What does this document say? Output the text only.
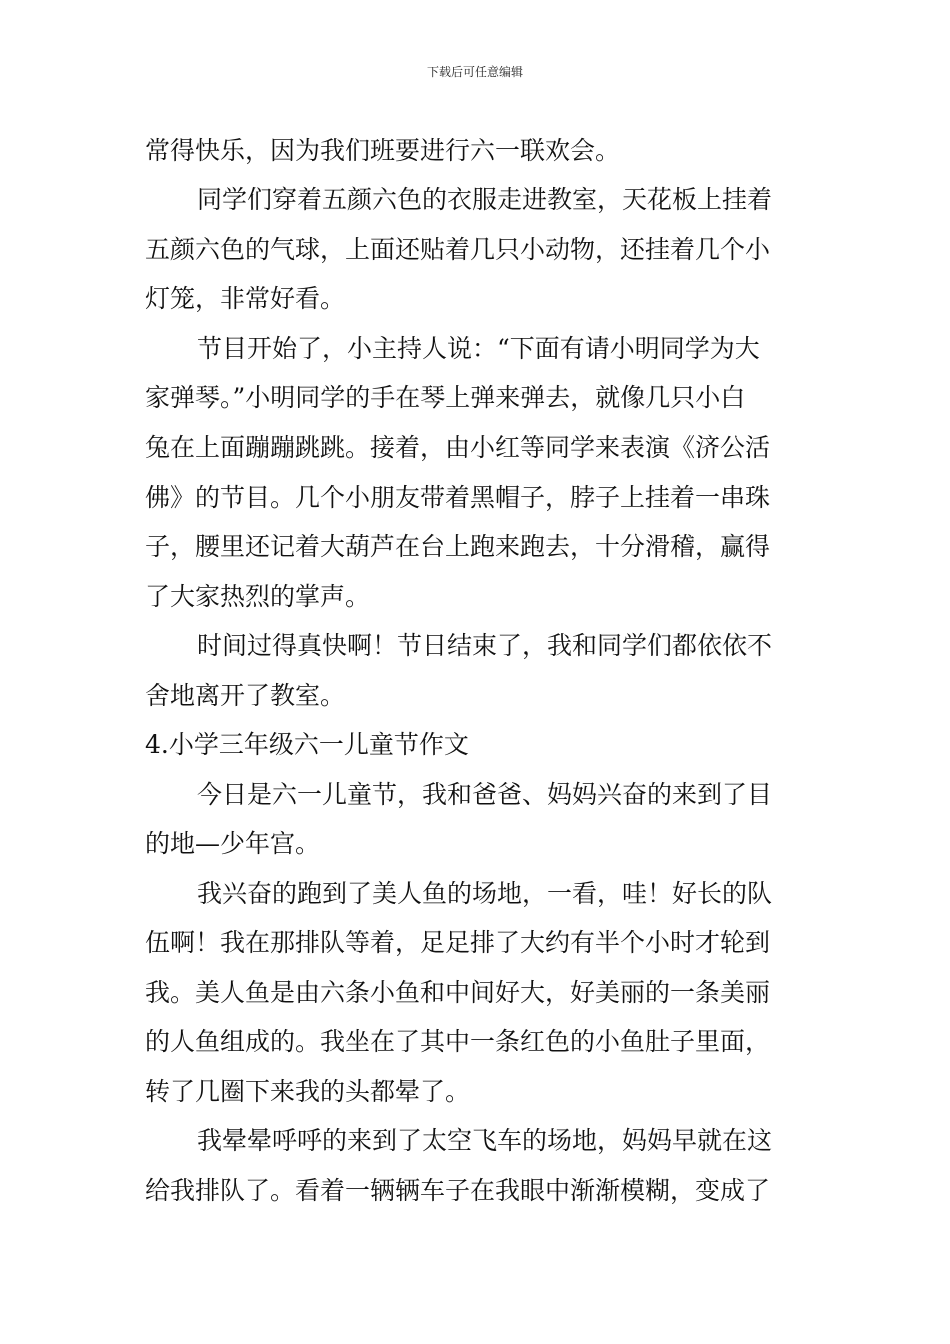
下载后可任意编辑
常得快乐，因为我们班要进行六一联欢会。
同学们穿着五颜六色的衣服走进教室，天花板上挂着
五颜六色的气球，上面还贴着几只小动物，还挂着几个小
灯笼，非常好看。
节目开始了，小主持人说：“下面有请小明同学为大
家弹琴。”小明同学的手在琴上弹来弹去，就像几只小白
兔在上面蹦蹦跳跳。接着，由小红等同学来表演《济公活
佛》的节目。几个小朋友带着黑帽子，脖子上挂着一串珠
子，腰里还记着大葫芦在台上跑来跑去，十分滑稽，赢得
了大家热烈的掌声。
时间过得真快啊！节日结束了，我和同学们都依依不
舍地离开了教室。
4.小学三年级六一儿童节作文
今日是六一儿童节，我和爸爸、妈妈兴奋的来到了目
的地—少年宫。
我兴奋的跑到了美人鱼的场地，一看，哇！好长的队
伍啊！我在那排队等着，足足排了大约有半个小时才轮到
我。美人鱼是由六条小鱼和中间好大，好美丽的一条美丽
的人鱼组成的。我坐在了其中一条红色的小鱼肚子里面，
转了几圈下来我的头都晕了。
我晕晕呼呼的来到了太空飞车的场地，妈妈早就在这
给我排队了。看着一辆辆车子在我眼中渐渐模糊，变成了
